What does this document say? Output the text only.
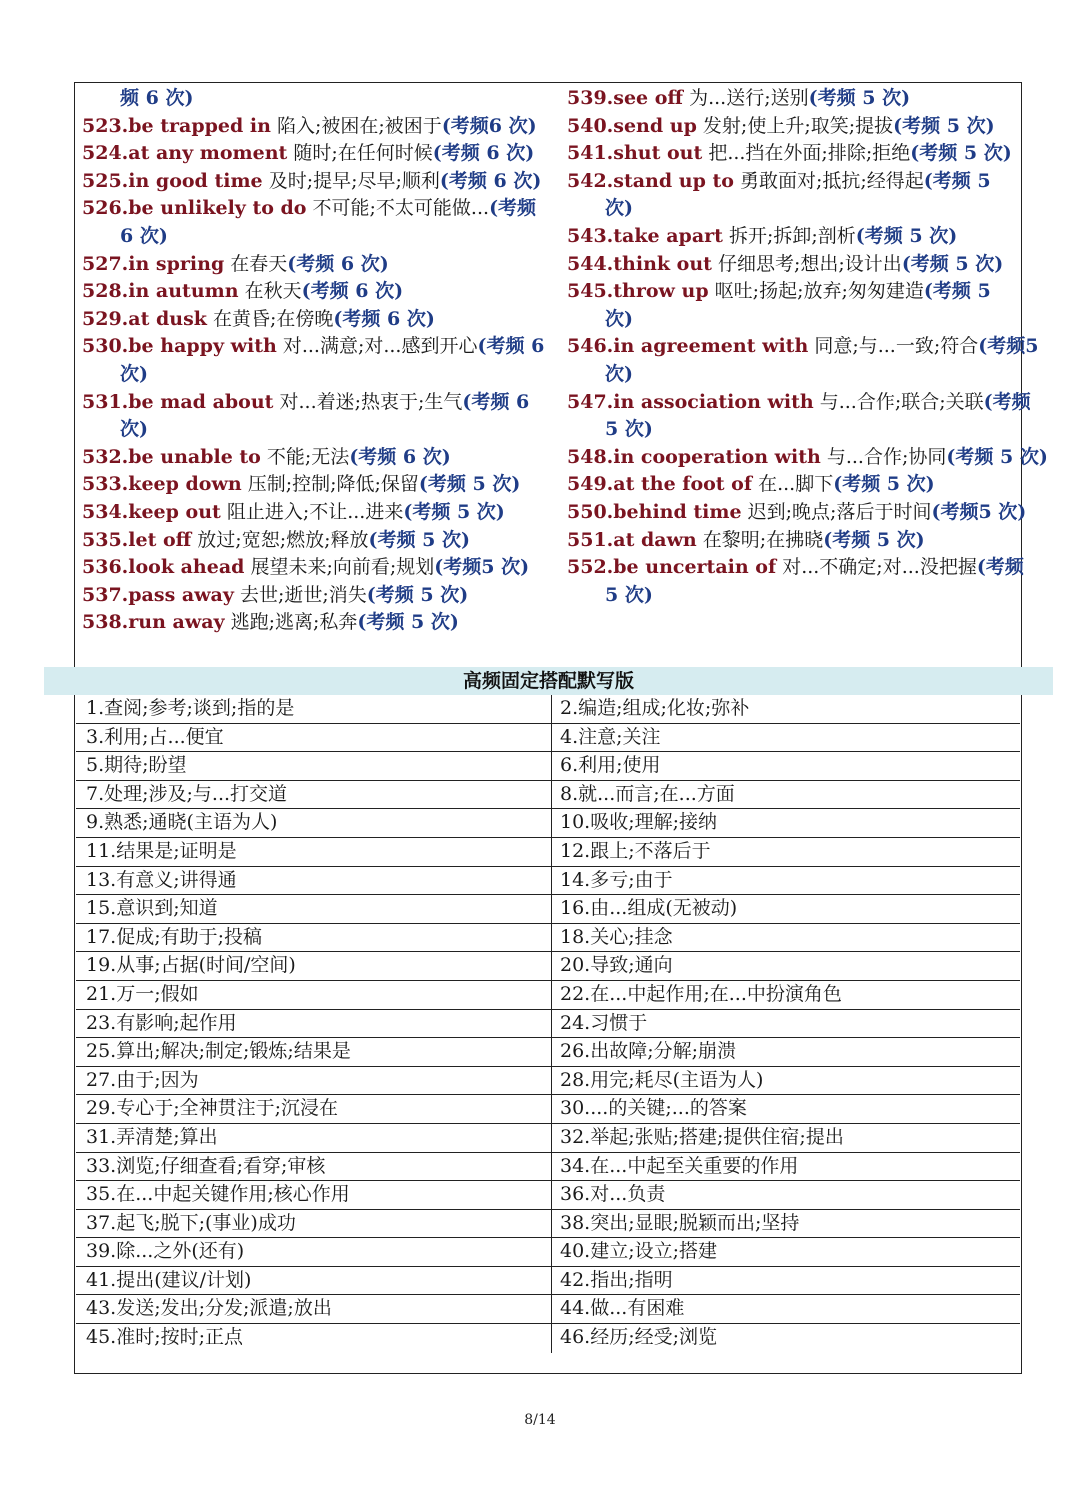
频 6 次)
523.be trapped in 陷入;被困在;被困于(考频6 次)
524.at any moment 随时;在任何时候(考频 6 次)
525.in good time 及时;提早;尽早;顺利(考频 6 次)
526.be unlikely to do 不可能;不太可能做...(考频
6 次)
527.in spring 在春天(考频 6 次)
528.in autumn 在秋天(考频 6 次)
529.at dusk 在黄昏;在傍晚(考频 6 次)
530.be happy with 对...满意;对...感到开心(考频 6
次)
531.be mad about 对...着迷;热衷于;生气(考频 6
次)
532.be unable to 不能;无法(考频 6 次)
533.keep down 压制;控制;降低;保留(考频 5 次)
534.keep out 阻止进入;不让...进来(考频 5 次)
535.let off 放过;宽恕;燃放;释放(考频 5 次)
536.look ahead 展望未来;向前看;规划(考频5 次)
537.pass away 去世;逝世;消失(考频 5 次)
538.run away 逃跑;逃离;私奔(考频 5 次)
539.see off 为...送行;送别(考频 5 次)
540.send up 发射;使上升;取笑;提拔(考频 5 次)
541.shut out 把...挡在外面;排除;拒绝(考频 5 次)
542.stand up to 勇敢面对;抵抗;经得起(考频 5
次)
543.take apart 拆开;拆卸;剖析(考频 5 次)
544.think out 仔细思考;想出;设计出(考频 5 次)
545.throw up 呕吐;扬起;放弃;匆匆建造(考频 5
次)
546.in agreement with 同意;与...一致;符合(考频5
次)
547.in association with 与...合作;联合;关联(考频
5 次)
548.in cooperation with 与...合作;协同(考频 5 次)
549.at the foot of 在...脚下(考频 5 次)
550.behind time 迟到;晚点;落后于时间(考频5 次)
551.at dawn 在黎明;在拂晓(考频 5 次)
552.be uncertain of 对...不确定;对...没把握(考频
5 次)
高频固定搭配默写版
1.查阅;参考;谈到;指的是	2.编造;组成;化妆;弥补
3.利用;占...便宜	4.注意;关注
5.期待;盼望	6.利用;使用
7.处理;涉及;与...打交道	8.就...而言;在...方面
9.熟悉;通晓(主语为人)	10.吸收;理解;接纳
11.结果是;证明是	12.跟上;不落后于
13.有意义;讲得通	14.多亏;由于
15.意识到;知道	16.由...组成(无被动)
17.促成;有助于;投稿	18.关心;挂念
19.从事;占据(时间/空间)	20.导致;通向
21.万一;假如	22.在...中起作用;在...中扮演角色
23.有影响;起作用	24.习惯于
25.算出;解决;制定;锻炼;结果是	26.出故障;分解;崩溃
27.由于;因为	28.用完;耗尽(主语为人)
29.专心于;全神贯注于;沉浸在	30....的关键;...的答案
31.弄清楚;算出	32.举起;张贴;搭建;提供住宿;提出
33.浏览;仔细查看;看穿;审核	34.在...中起至关重要的作用
35.在...中起关键作用;核心作用	36.对...负责
37.起飞;脱下;(事业)成功	38.突出;显眼;脱颖而出;坚持
39.除...之外(还有)	40.建立;设立;搭建
41.提出(建议/计划)	42.指出;指明
43.发送;发出;分发;派遣;放出	44.做...有困难
45.准时;按时;正点	46.经历;经受;浏览
8/14
